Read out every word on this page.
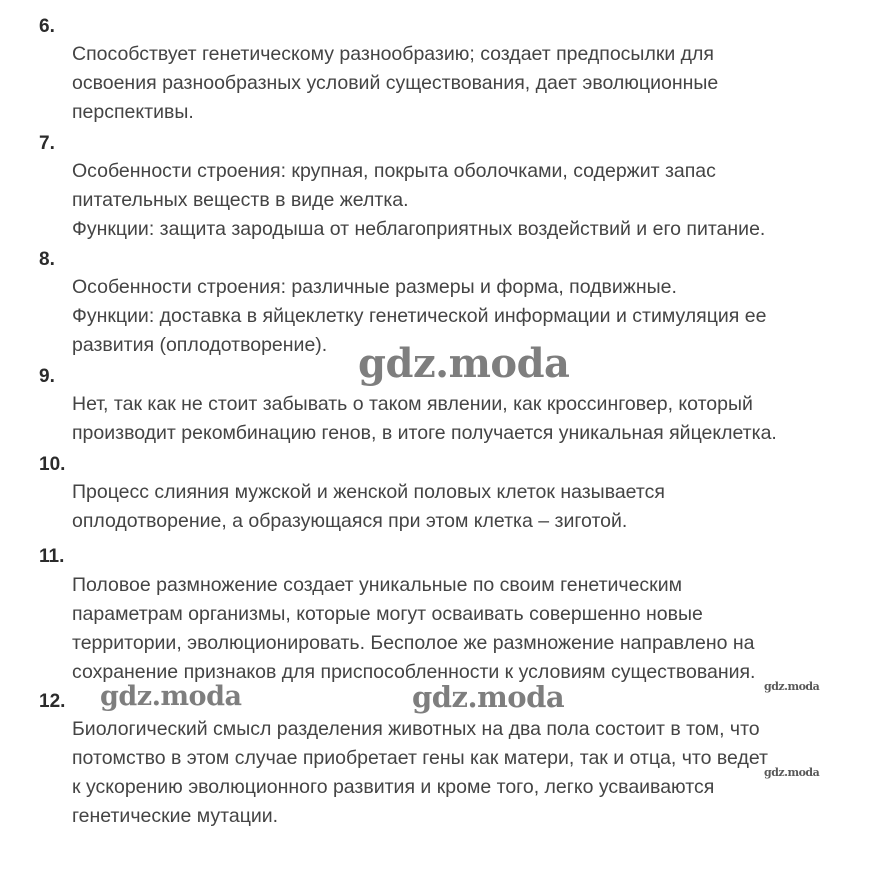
6.
Способствует генетическому разнообразию; создает предпосылки для
освоения разнообразных условий существования, дает эволюционные
перспективы.
7.
Особенности строения: крупная, покрыта оболочками, содержит запас
питательных веществ в виде желтка.
Функции: защита зародыша от неблагоприятных воздействий и его питание.
8.
Особенности строения: различные размеры и форма, подвижные.
Функции: доставка в яйцеклетку генетической информации и стимуляция ее
развития (оплодотворение).
9.
Нет, так как не стоит забывать о таком явлении, как кроссинговер, который
производит рекомбинацию генов, в итоге получается уникальная яйцеклетка.
10.
Процесс слияния мужской и женской половых клеток называется
оплодотворение, а образующаяся при этом клетка – зиготой.
11.
Половое размножение создает уникальные по своим генетическим
параметрам организмы, которые могут осваивать совершенно новые
территории, эволюционировать. Бесполое же размножение направлено на
сохранение признаков для приспособленности к условиям существования.
12.
Биологический смысл разделения животных на два пола состоит в том, что
потомство в этом случае приобретает гены как матери, так и отца, что ведет
к ускорению эволюционного развития и кроме того, легко усваиваются
генетические мутации.
gdz.moda
gdz.moda	gdz.moda	gdz.moda
gdz.moda
